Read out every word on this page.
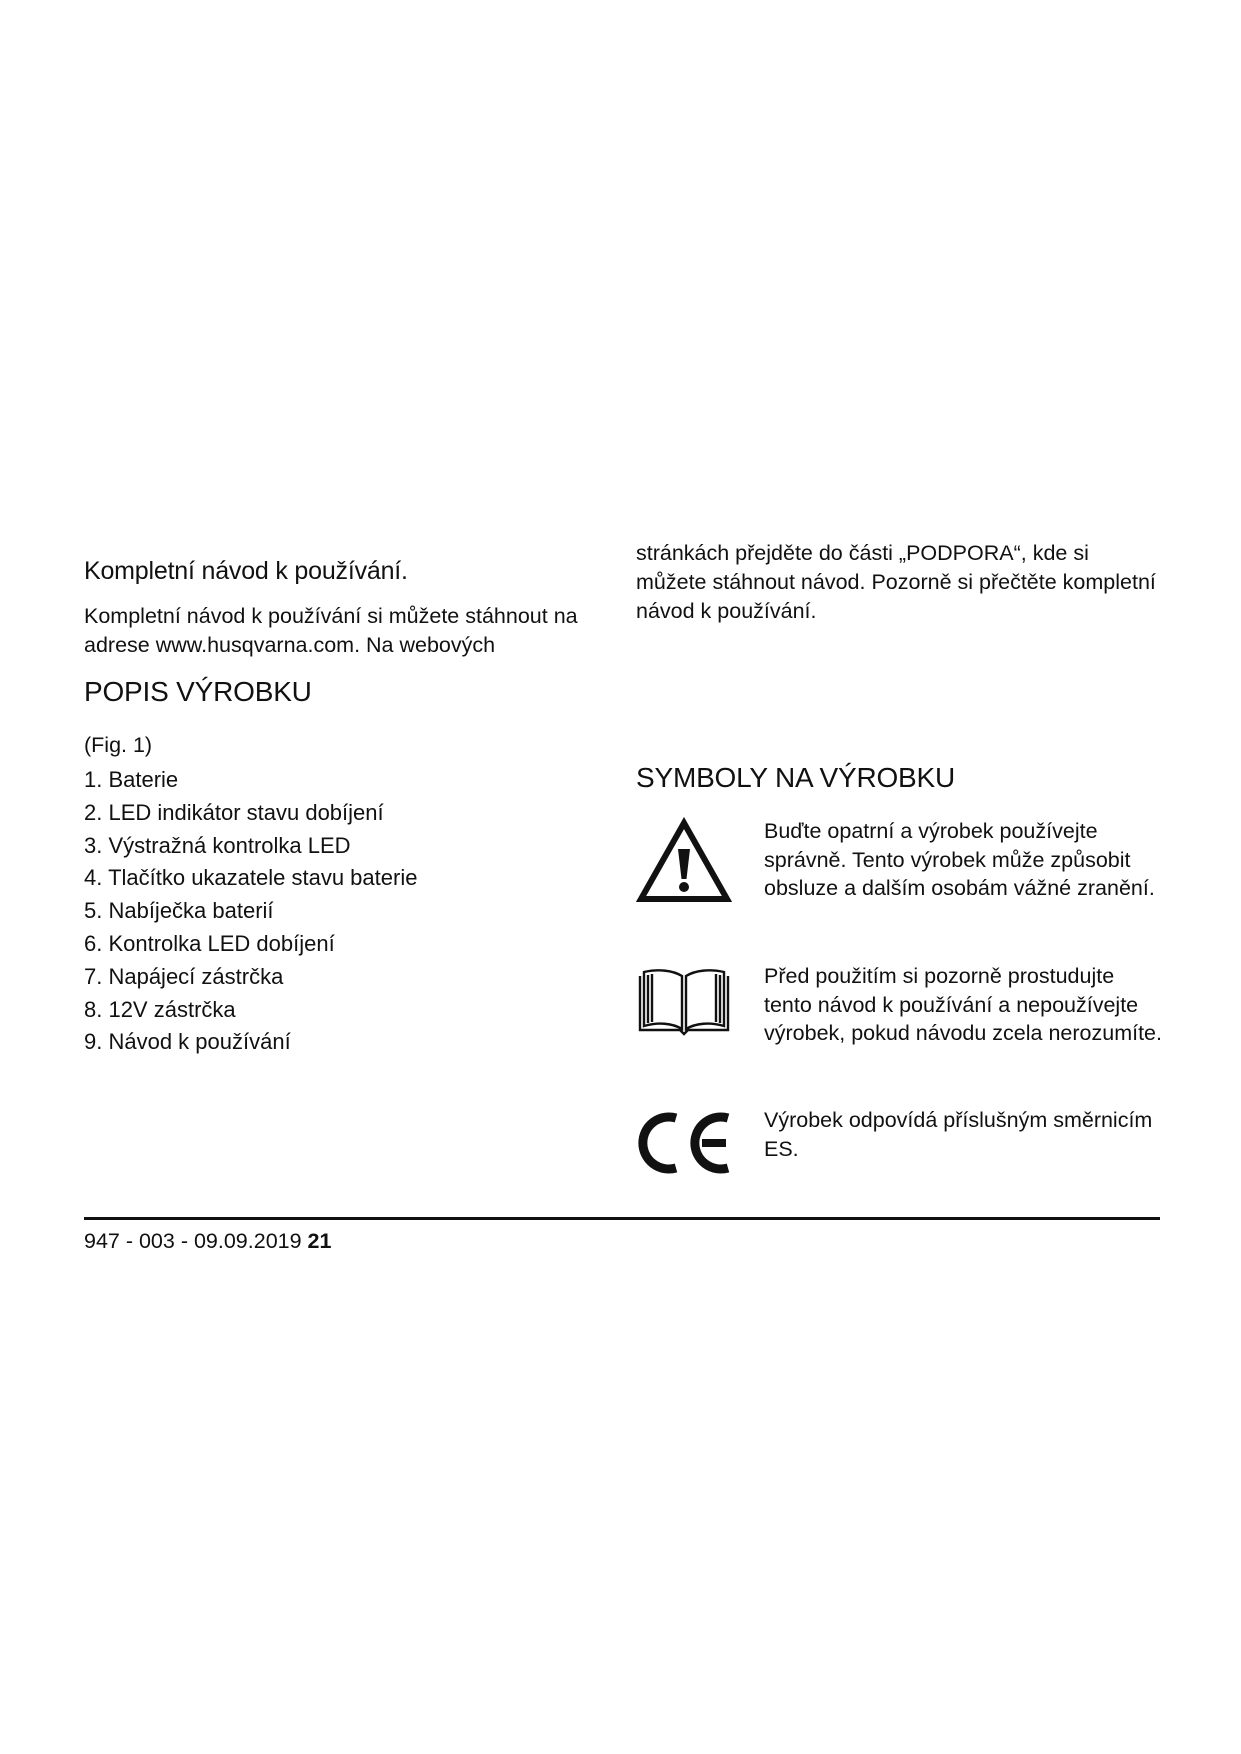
Kompletní návod k používání.

Kompletní návod k používání si můžete stáhnout na adrese www.husqvarna.com. Na webových

POPIS VÝROBKU

(Fig. 1)

1. Baterie
2. LED indikátor stavu dobíjení
3. Výstražná kontrolka LED
4. Tlačítko ukazatele stavu baterie
5. Nabíječka baterií
6. Kontrolka LED dobíjení
7. Napájecí zástrčka
8. 12V zástrčka
9. Návod k používání

stránkách přejděte do části „PODPORA“, kde si můžete stáhnout návod. Pozorně si přečtěte kompletní návod k používání.

SYMBOLY NA VÝROBKU

Buďte opatrní a výrobek používejte správně. Tento výrobek může způsobit obsluze a dalším osobám vážné zranění.

Před použitím si pozorně prostudujte tento návod k používání a nepoužívejte výrobek, pokud návodu zcela nerozumíte.

Výrobek odpovídá příslušným směrnicím ES.

947 - 003 - 09.09.2019 21
